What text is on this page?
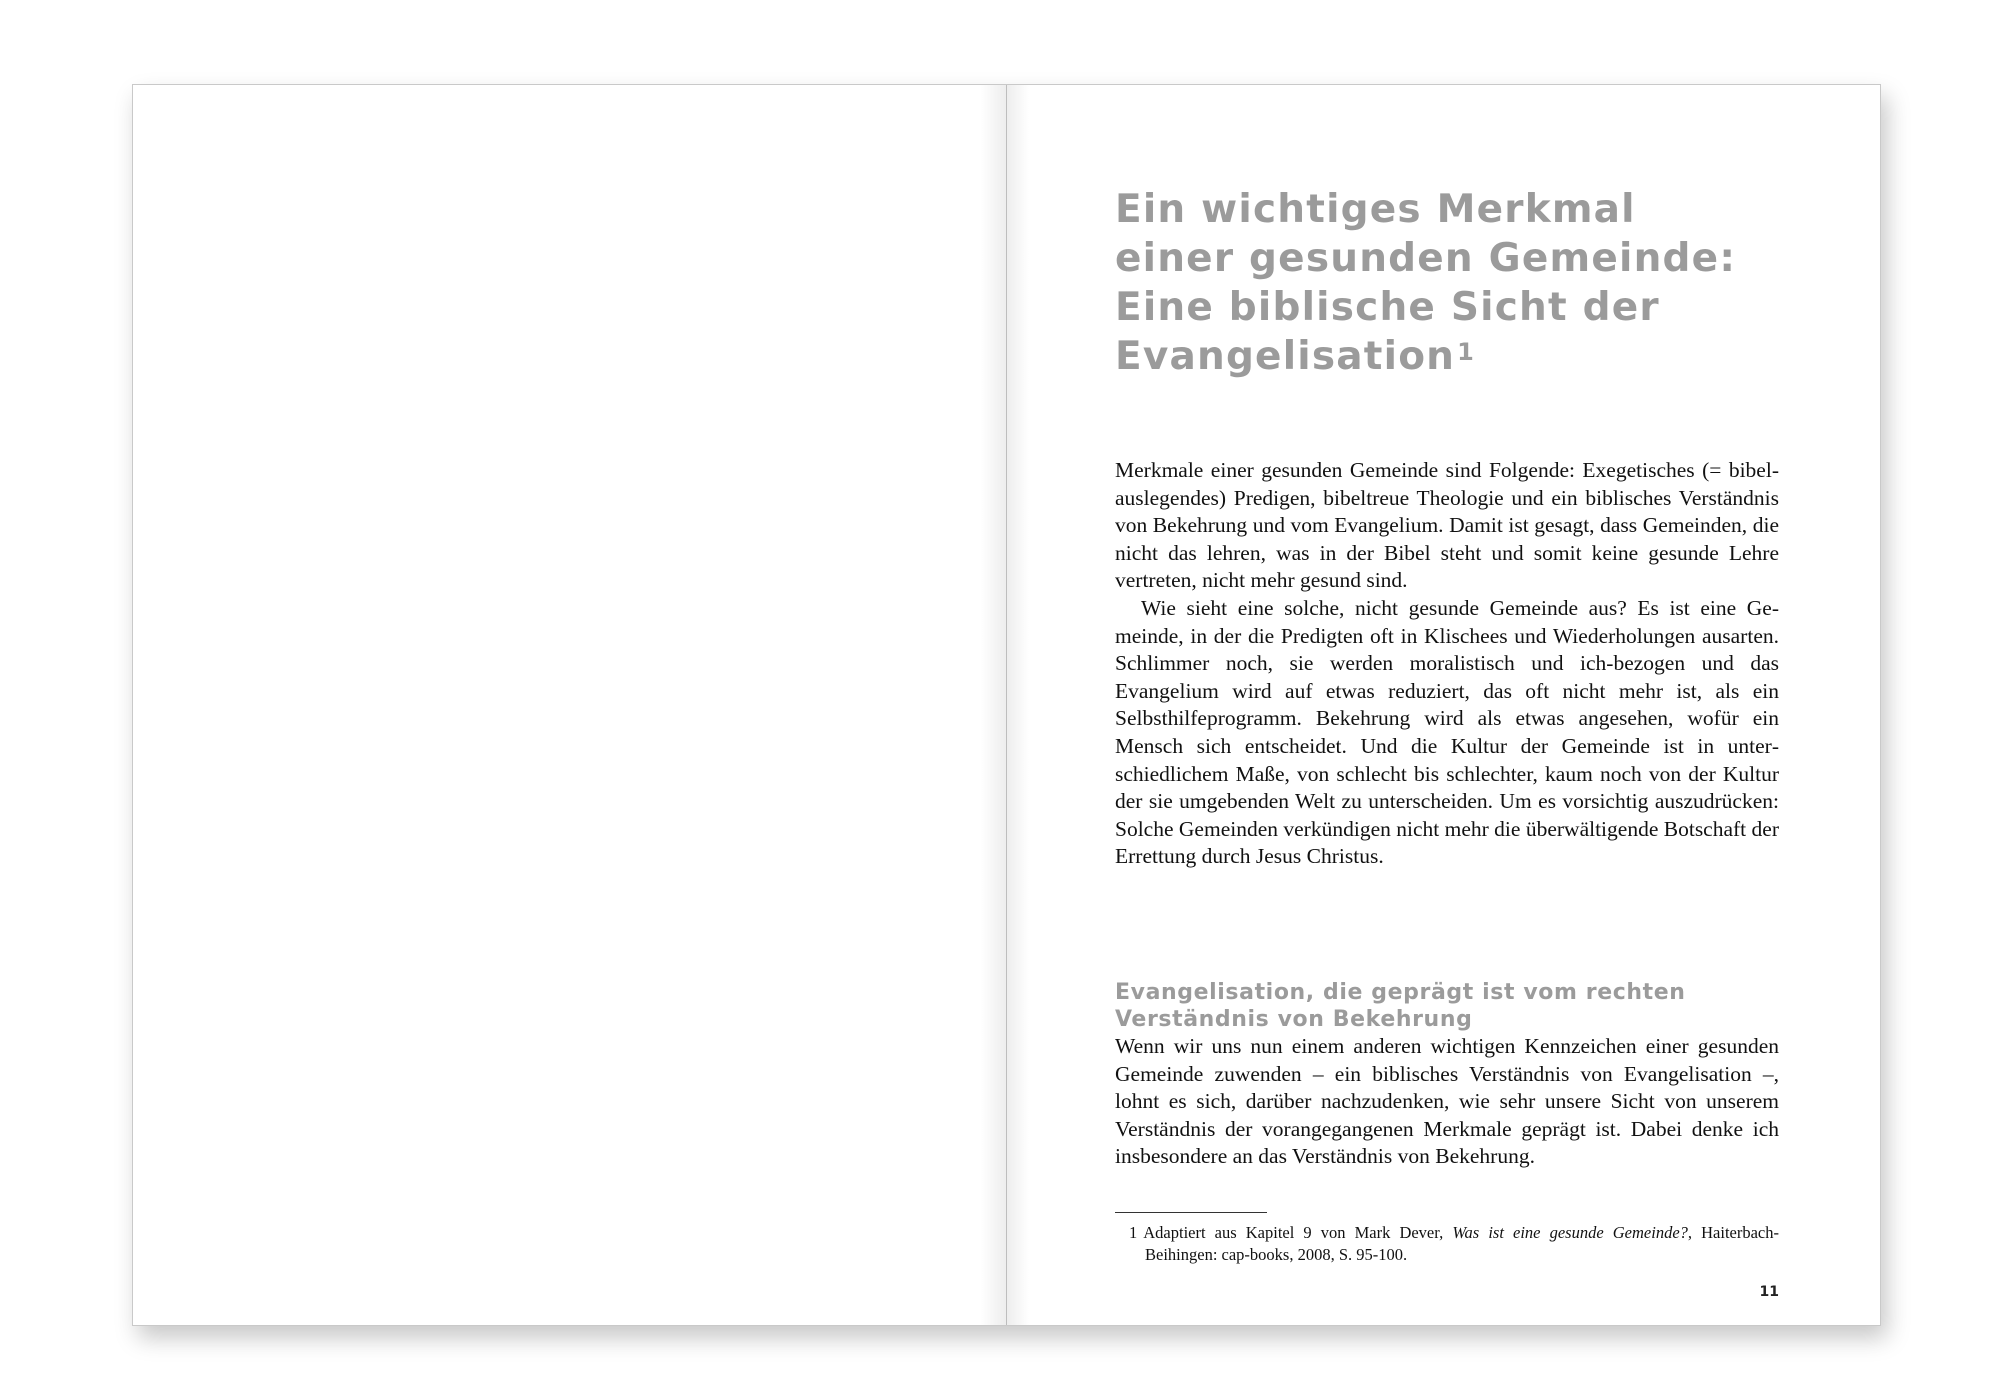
Ein wichtiges Merkmal
einer gesunden Gemeinde:
Eine biblische Sicht der
Evangelisation$^1$

Merkmale einer gesunden Gemeinde sind Folgende: Exegetisches (= bibelauslegendes) Predigen, bibeltreue Theologie und ein biblisches Verständnis von Bekehrung und vom Evangelium. Damit ist gesagt, dass Gemeinden, die nicht das lehren, was in der Bibel steht und somit keine gesunde Lehre vertreten, nicht mehr gesund sind.

Wie sieht eine solche, nicht gesunde Gemeinde aus? Es ist eine Gemeinde, in der die Predigten oft in Klischees und Wiederholungen ausarten. Schlimmer noch, sie werden moralistisch und ich-bezogen und das Evangelium wird auf etwas reduziert, das oft nicht mehr ist, als ein Selbsthilfeprogramm. Bekehrung wird als etwas angesehen, wofür ein Mensch sich entscheidet. Und die Kultur der Gemeinde ist in unterschiedlichem Maße, von schlecht bis schlechter, kaum noch von der Kultur der sie umgebenden Welt zu unterscheiden. Um es vorsichtig auszudrücken: Solche Gemeinden verkündigen nicht mehr die überwältigende Botschaft der Errettung durch Jesus Christus.

Evangelisation, die geprägt ist vom rechten
Verständnis von Bekehrung

Wenn wir uns nun einem anderen wichtigen Kennzeichen einer gesunden Gemeinde zuwenden – ein biblisches Verständnis von Evangelisation –, lohnt es sich, darüber nachzudenken, wie sehr unsere Sicht von unserem Verständnis der vorangegangenen Merkmale geprägt ist. Dabei denke ich insbesondere an das Verständnis von Bekehrung.

1 Adaptiert aus Kapitel 9 von Mark Dever, Was ist eine gesunde Gemeinde?, Haiterbach-Beihingen: cap-books, 2008, S. 95-100.
11
